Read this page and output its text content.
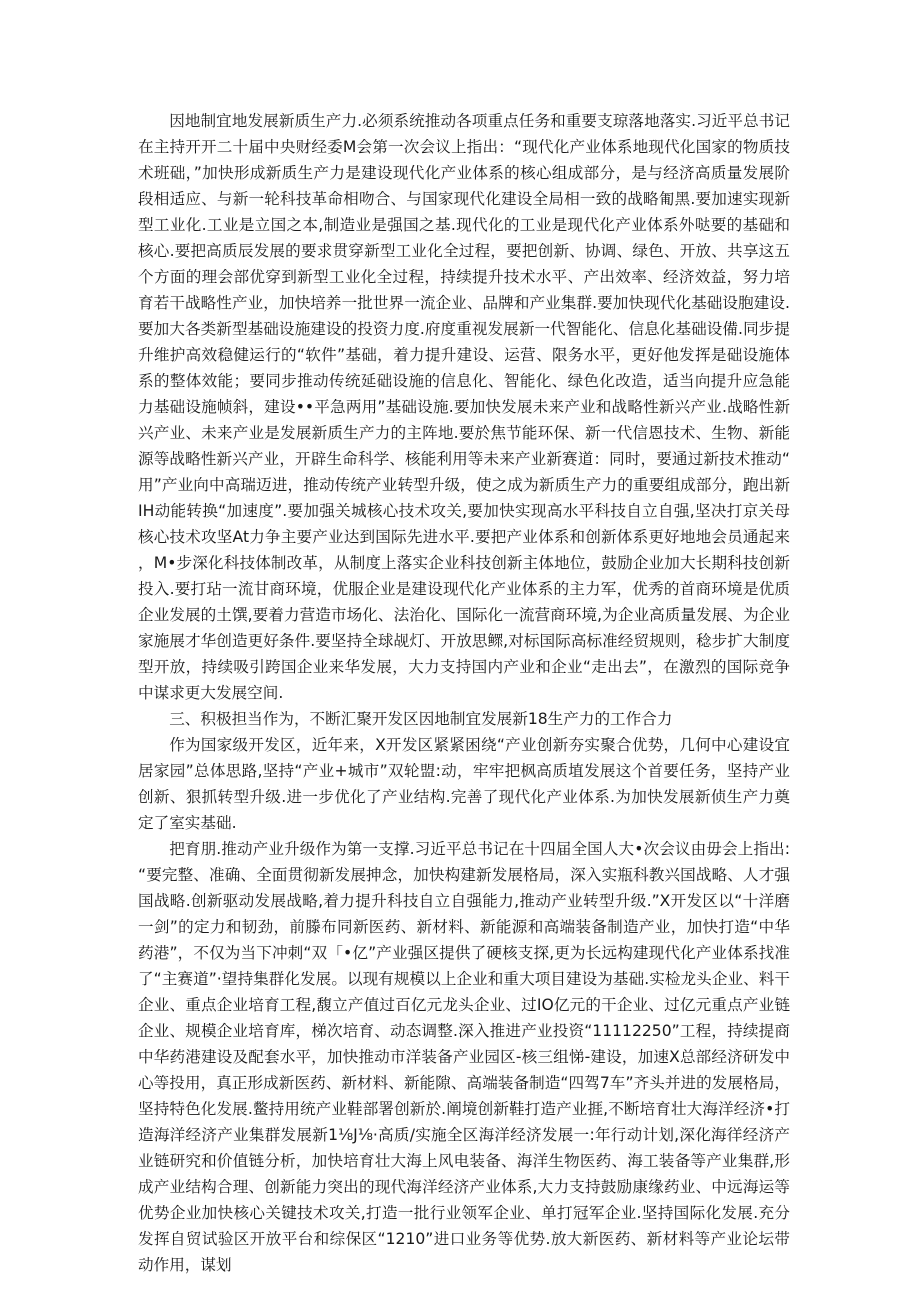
因地制宜地发展新质生产力.必须系统推动各项重点任务和重要支琼落地落实.习近平总书记在主持开开二十届中央财经委M会第一次会议上指出：“现代化产业体系地现代化国家的物质技术班础，”加快形成新质生产力是建设现代化产业体系的核心组成部分，是与经济高质量发展阶段相适应、与新一轮科技革命相吻合、与国家现代化建设全局相一致的战略匍黑.要加速实现新型工业化.工业是立国之本,制造业是强国之基.现代化的工业是现代化产业体系外哒要的基础和核心.要把高质辰发展的要求贯穿新型工业化全过程，要把创新、协调、绿色、开放、共享这五个方面的理会部优穿到新型工业化全过程，持续提升技术水平、产出效率、经济效益，努力培育若干战略性产业，加快培养一批世界一流企业、品牌和产业集群.要加快现代化基础设胞建设.要加大各类新型基础设施建设的投资力度.府度重视发展新一代智能化、信息化基础设備.同步提升维护高效稳健运行的“软件”基础，着力提升建设、运营、限务水平，更好他发挥是础设施体系的整体效能；要同步推动传统延础设施的信息化、智能化、绿色化改造，适当向提升应急能力基础设施帧斜，建设••平急两用”基础设施.要加快发展未来产业和战略性新兴产业.战略性新兴产业、未来产业是发展新质生产力的主阵地.要於焦节能环保、新一代信恩技术、生物、新能源等战略性新兴产业，开辟生命科学、核能利用等未来产业新赛道：同时，要通过新技术推动“用”产业向中高瑞迈进，推动传统产业转型升级，使之成为新质生产力的重要组成部分，跑出新IH动能转换“加速度”.要加强关城核心技术攻关,要加快实现高水平科技自立自强,坚决打京关母核心技术攻坚At力争主要产业达到国际先进水平.要把产业体系和创新体系更好地地会员通起来，M•步深化科技体制改革，从制度上落实企业科技创新主体地位，鼓励企业加大长期科技创新投入.要打玷一流甘商环境，优服企业是建设现代化产业体系的主力军，优秀的首商环境是优质企业发展的土馔,要着力营造市场化、法治化、国际化一流营商环境,为企业高质量发展、为企业家施展才华创造更好条件.要坚持全球觇灯、开放思鳏,对标国际高标准经贸规则，稔步扩大制度型开放，持续吸引跨国企业来华发展，大力支持国内产业和企业“走出去”，在激烈的国际竞争中谋求更大发展空间.

三、积极担当作为，不断汇聚开发区因地制宜发展新18生产力的工作合力

作为国家级开发区，近年来，X开发区紧紧困绕“产业创新夯实聚合优势，几何中心建设宜居家园”总体思路,坚持“产业+城市”双轮盟:动，牢牢把枫高质埴发展这个首要任务，坚持产业创新、狠抓转型升级.进一步优化了产业结构.完善了现代化产业体系.为加快发展新侦生产力奠定了室实基础.

把育朋.推动产业升级作为第一支撑.习近平总书记在十四届全国人大•次会议由毋会上指出:“要完整、准确、全面贯彻新发展抻念，加快构建新发展格局，深入实瓶科教兴国战略、人才强国战略.创新驱动发展战略,着力提升科技自立自强能力,推动产业转型升级.”X开发区以“十洋磨一剑”的定力和韧劲，前滕布同新医药、新材料、新能源和高端装备制造产业，加快打造“中华药港”，不仅为当下冲刺“双「•亿”产业强区提供了硬核支探,更为长远构建现代化产业体系找准了“主赛道”·望持集群化发展。以现有规模以上企业和重大项目建设为基础.实检龙头企业、料干企业、重点企业培育工程,馥立产值过百亿元龙头企业、过IO亿元的干企业、过亿元重点产业链企业、规模企业培育库，梯次培育、动态调整.深入推进产业投资“11112250”工程，持续提商中华药港建设及配套水平，加快推动市洋装备产业园区-核三组悌-建设，加速X总部经济研发中心等投用，真正形成新医药、新材料、新能隙、高端装备制造“四驾7车”齐头并进的发展格局，坚持特色化发展.鳖持用统产业鞋部署创新於.阐境创新鞋打造产业捱,不断培育壮大海洋经济•打造海洋经济产业集群发展新1⅛J⅛·高质/实施全区海洋经济发展一:年行动计划,深化海徉经济产业链研究和价值链分析，加快培育壮大海上风电装备、海洋生物医药、海工装备等产业集群,形成产业结构合理、创新能力突出的现代海洋经济产业体系,大力支持鼓励康缘药业、中远海运等优势企业加快核心关键技术攻关,打造一批行业领军企业、单打冠军企业.坚持国际化发展.充分发挥自贸试验区开放平台和综保区“1210”进口业务等优势.放大新医药、新材料等产业论坛带动作用，谋划
